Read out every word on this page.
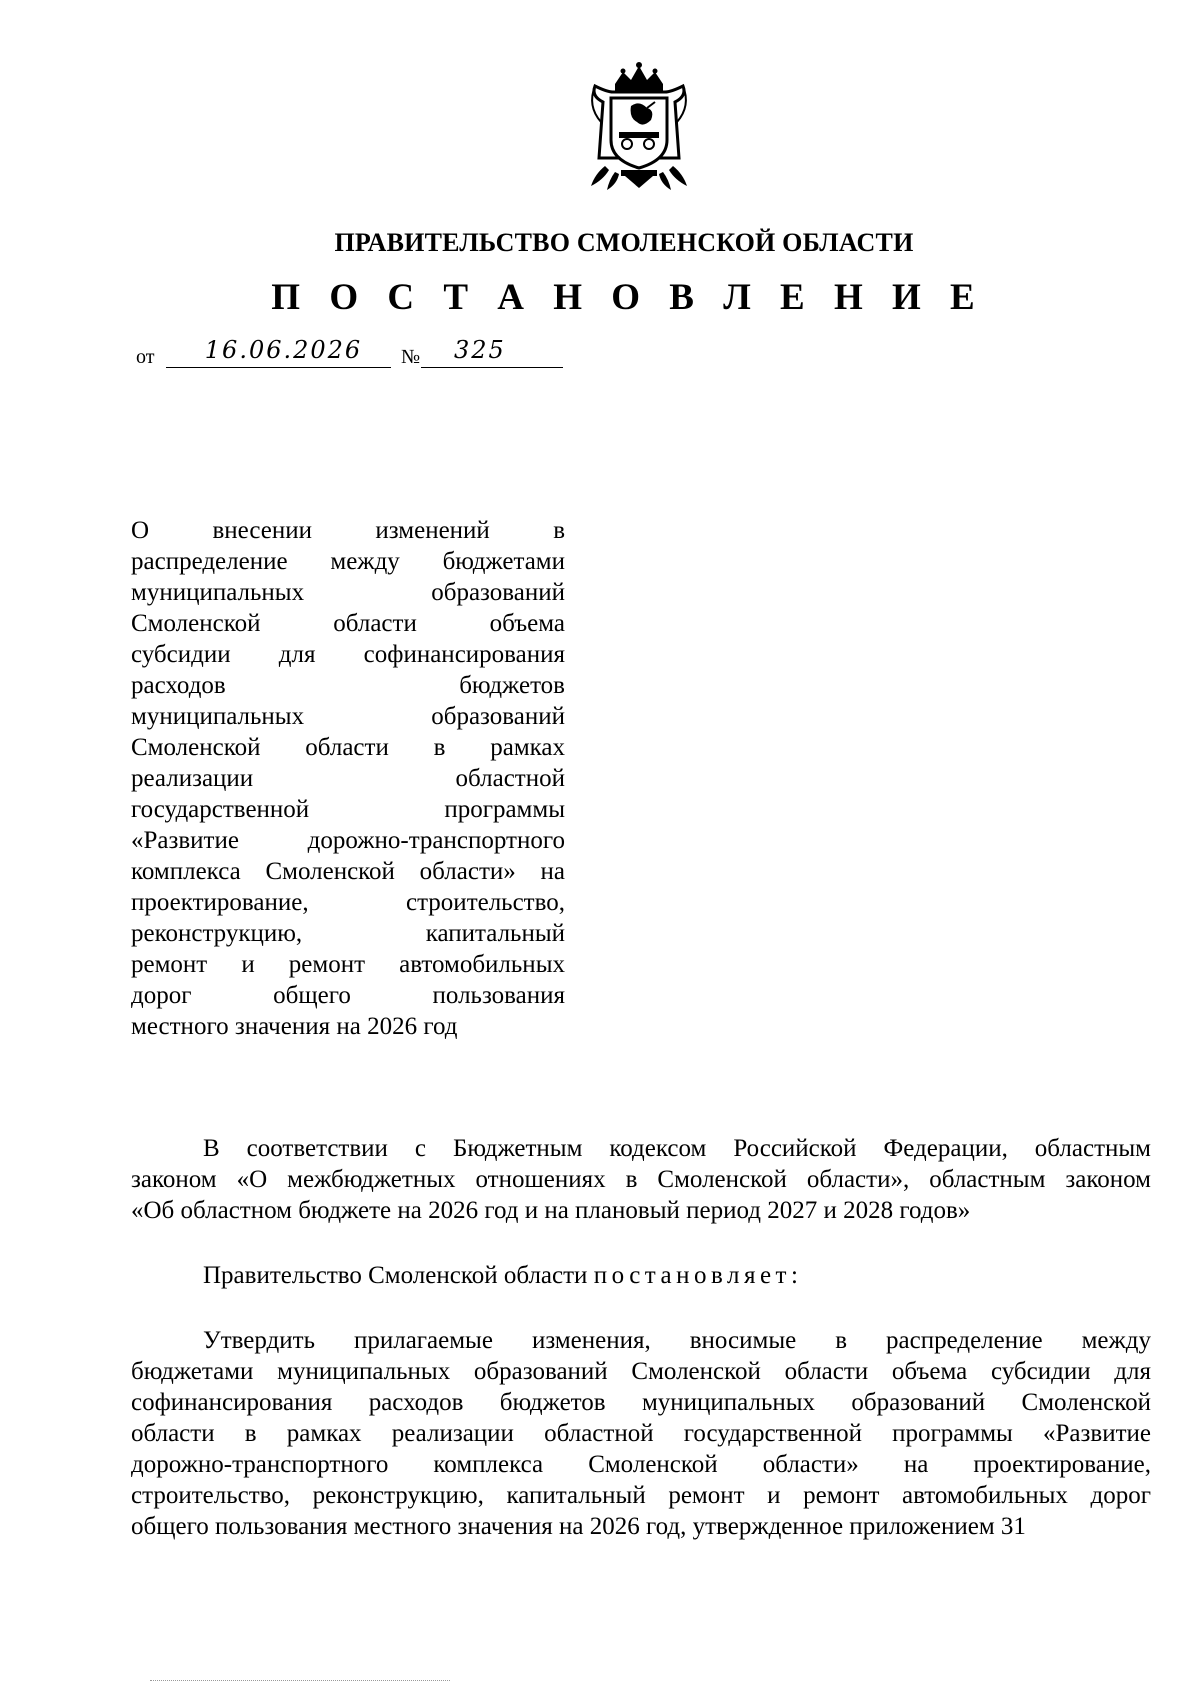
ПРАВИТЕЛЬСТВО СМОЛЕНСКОЙ ОБЛАСТИ
П О С Т А Н О В Л Е Н И Е
от	16.06.2026	№	325
О внесении изменений в
распределение между бюджетами
муниципальных образований
Смоленской области объема
субсидии для софинансирования
расходов бюджетов
муниципальных образований
Смоленской области в рамках
реализации областной
государственной программы
«Развитие дорожно-транспортного
комплекса Смоленской области» на
проектирование, строительство,
реконструкцию, капитальный
ремонт и ремонт автомобильных
дорог общего пользования
местного значения на 2026 год
В соответствии с Бюджетным кодексом Российской Федерации, областным
законом «О межбюджетных отношениях в Смоленской области», областным законом
«Об областном бюджете на 2026 год и на плановый период 2027 и 2028 годов»
Правительство Смоленской области постановляет:
Утвердить прилагаемые изменения, вносимые в распределение между
бюджетами муниципальных образований Смоленской области объема субсидии для
софинансирования расходов бюджетов муниципальных образований Смоленской
области в рамках реализации областной государственной программы «Развитие
дорожно-транспортного комплекса Смоленской области» на проектирование,
строительство, реконструкцию, капитальный ремонт и ремонт автомобильных дорог
общего пользования местного значения на 2026 год, утвержденное приложением 31
